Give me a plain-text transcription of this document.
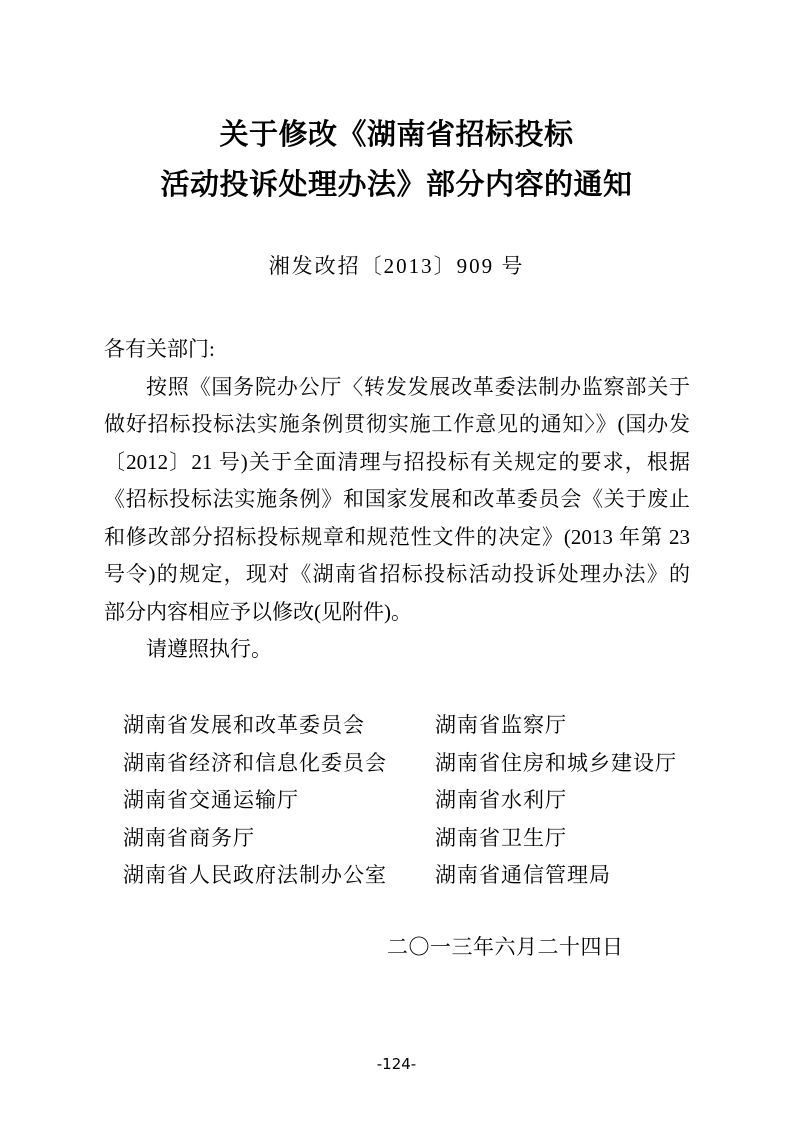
关于修改《湖南省招标投标
活动投诉处理办法》部分内容的通知
湘发改招〔2013〕909 号
各有关部门:
按照《国务院办公厅〈转发发展改革委法制办监察部关于
做好招标投标法实施条例贯彻实施工作意见的通知〉》(国办发
〔2012〕21 号)关于全面清理与招投标有关规定的要求，根据
《招标投标法实施条例》和国家发展和改革委员会《关于废止
和修改部分招标投标规章和规范性文件的决定》(2013 年第 23
号令)的规定，现对《湖南省招标投标活动投诉处理办法》的
部分内容相应予以修改(见附件)。
请遵照执行。
湖南省发展和改革委员会	湖南省监察厅
湖南省经济和信息化委员会 湖南省住房和城乡建设厅
湖南省交通运输厅	湖南省水利厅
湖南省商务厅	湖南省卫生厅
湖南省人民政府法制办公室 湖南省通信管理局
二〇一三年六月二十四日
-124-
